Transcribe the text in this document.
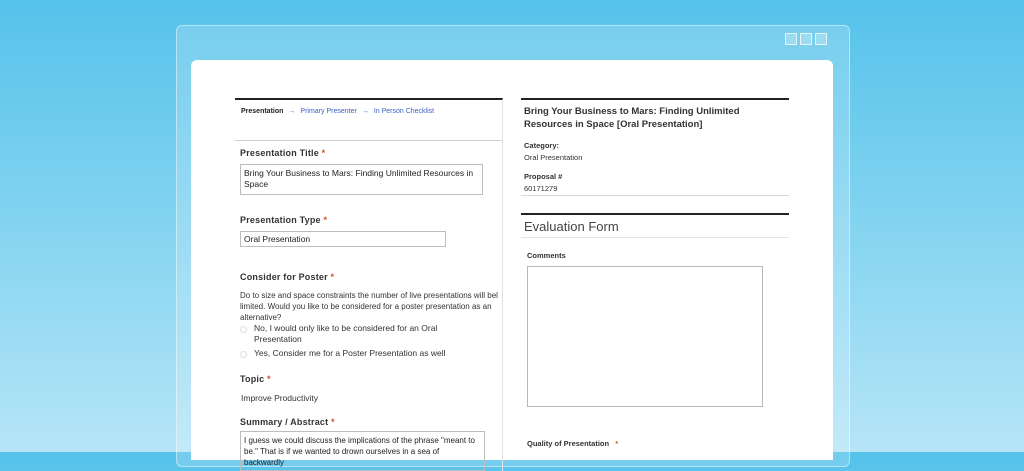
Presentation → Primary Presenter → In Person Checklist
Presentation Title *
Bring Your Business to Mars: Finding Unlimited Resources in Space
Presentation Type *
Oral Presentation
Consider for Poster *
Do to size and space constraints the number of live presentations will bel limited. Would you like to be considered for a poster presentation as an alternative?
No, I would only like to be considered for an Oral Presentation
Yes, Consider me for a Poster Presentation as well
Topic *
Improve Productivity
Summary / Abstract *
I guess we could discuss the implications of the phrase "meant to be." That is if we wanted to drown ourselves in a sea of backwardly
Bring Your Business to Mars: Finding Unlimited Resources in Space [Oral Presentation]
Category:
Oral Presentation
Proposal #
60171279
Evaluation Form
Comments
Quality of Presentation *
